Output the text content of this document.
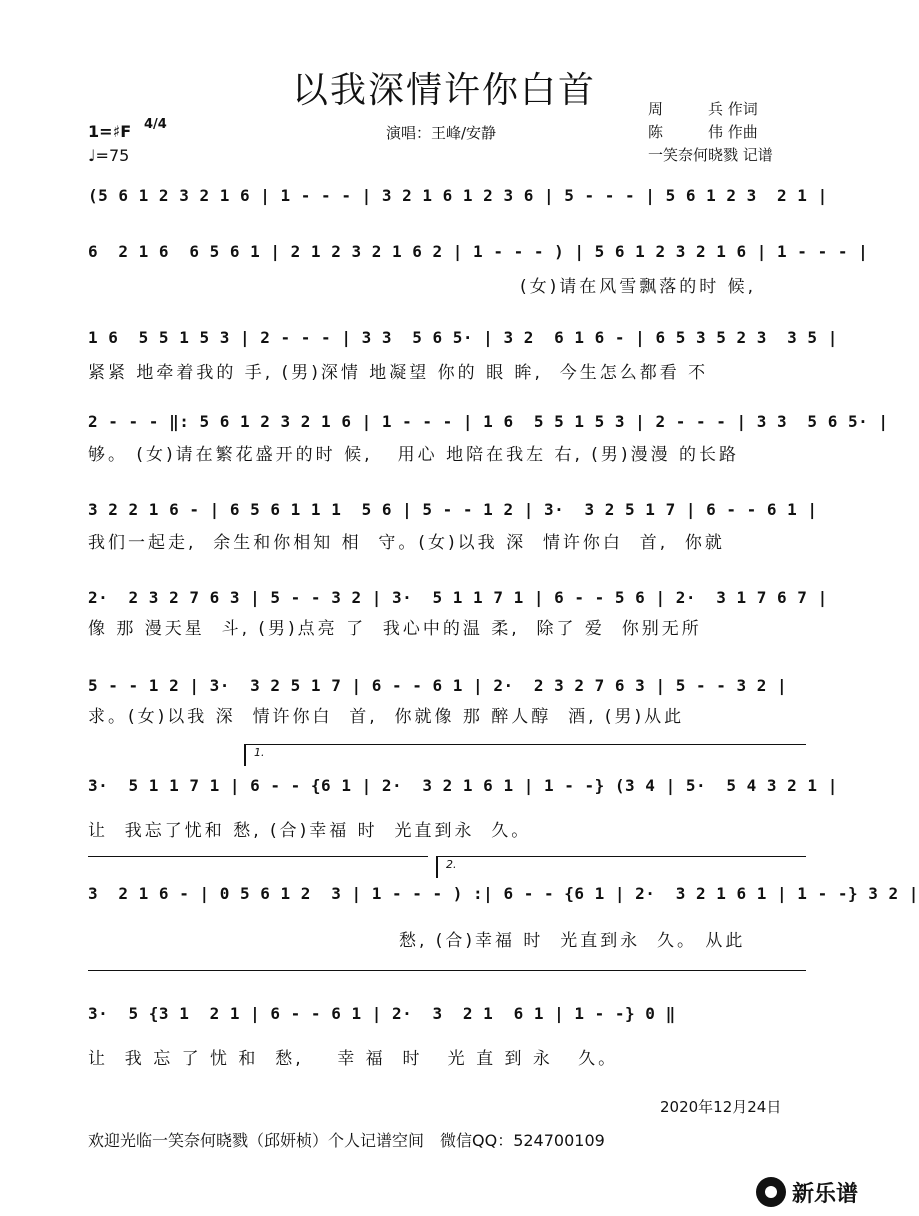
以我深情许你白首	周　　　兵 作词
陈　　　伟 作曲
一笑奈何晓戮 记谱
演唱：王峰/安静
1=♯F 4/4
♩=75
(5 6 1 2 3 2 1 6 | 1 - - - | 3 2 1 6 1 2 3 6 | 5 - - - | 5 6 1 2 3  2 1 |
6  2 1 6  6 5 6 1 | 2 1 2 3 2 1 6 2 | 1 - - - ) | 5 6 1 2 3 2 1 6 | 1 - - - |
(女)请在风雪飘落的时 候,
1 6  5 5 1 5 3 | 2 - - - | 3 3  5 6 5· | 3 2  6 1 6 - | 6 5 3 5 2 3  3 5 |
紧紧 地牵着我的 手, (男)深情 地凝望 你的 眼 眸,  今生怎么都看 不
2 - - - ‖: 5 6 1 2 3 2 1 6 | 1 - - - | 1 6  5 5 1 5 3 | 2 - - - | 3 3  5 6 5· |
够。 (女)请在繁花盛开的时 候,   用心 地陪在我左 右, (男)漫漫 的长路
3 2 2 1 6 - | 6 5 6 1 1 1  5 6 | 5 - - 1 2 | 3·  3 2 5 1 7 | 6 - - 6 1 |
我们一起走,  余生和你相知 相  守。(女)以我 深  情许你白  首,  你就
2·  2 3 2 7 6 3 | 5 - - 3 2 | 3·  5 1 1 7 1 | 6 - - 5 6 | 2·  3 1 7 6 7 |
像 那 漫天星  斗, (男)点亮 了  我心中的温 柔,  除了 爱  你别无所
5 - - 1 2 | 3·  3 2 5 1 7 | 6 - - 6 1 | 2·  2 3 2 7 6 3 | 5 - - 3 2 |
求。(女)以我 深  情许你白  首,  你就像 那 醉人醇  酒, (男)从此
1.
3·  5 1 1 7 1 | 6 - - {6 1 | 2·  3 2 1 6 1 | 1 - -} (3 4 | 5·  5 4 3 2 1 |
让  我忘了忧和 愁, (合)幸福 时  光直到永  久。
2.
3  2 1 6 - | 0 5 6 1 2  3 | 1 - - - ) :| 6 - - {6 1 | 2·  3 2 1 6 1 | 1 - -} 3 2 |
愁, (合)幸福 时  光直到永  久。 从此
3·  5 {3 1  2 1 | 6 - - 6 1 | 2·  3  2 1  6 1 | 1 - -} 0 ‖
让  我 忘 了 忧 和  愁,    幸 福  时   光 直 到 永   久。
2020年12月24日
欢迎光临一笑奈何晓戮（邱妍桢）个人记谱空间　微信QQ：524700109
新乐谱
